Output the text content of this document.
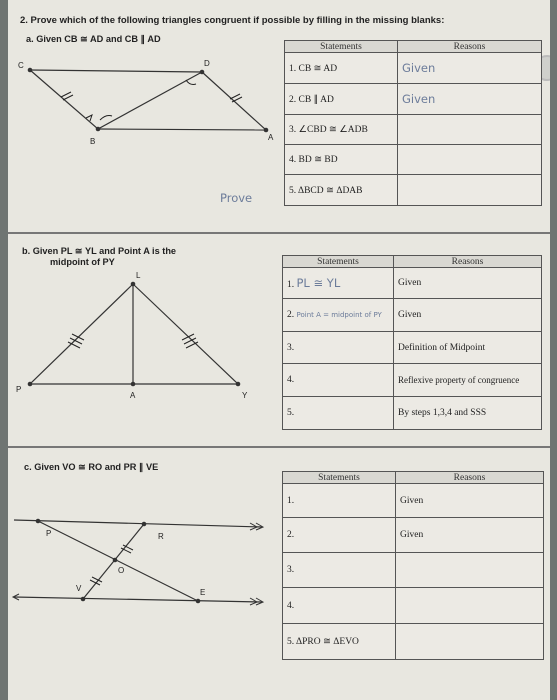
2. Prove which of the following triangles congruent if possible by filling in the missing blanks:
a. Given CB ≅ AD and CB ∥ AD
C	D
B	A
Prove
Statements	Reasons
1. CB ≅ AD	Given
2. CB ∥ AD	Given
3. ∠CBD ≅ ∠ADB	
4. BD ≅ BD	
5. ΔBCD ≅ ΔDAB	
b. Given PL ≅ YL and Point A is the
midpoint of PY
L
P
A	Y
Statements	Reasons
1. PL ≅ YL	Given
2. Point A = midpoint of PY	Given
3.	Definition of Midpoint
4.	Reflexive property of congruence
5.	By steps 1,3,4 and SSS
c. Given VO ≅ RO and PR ∥ VE
P	R
O
V	E
Statements	Reasons
1.	Given
2.	Given
3.	
4.	
5. ΔPRO ≅ ΔEVO	
